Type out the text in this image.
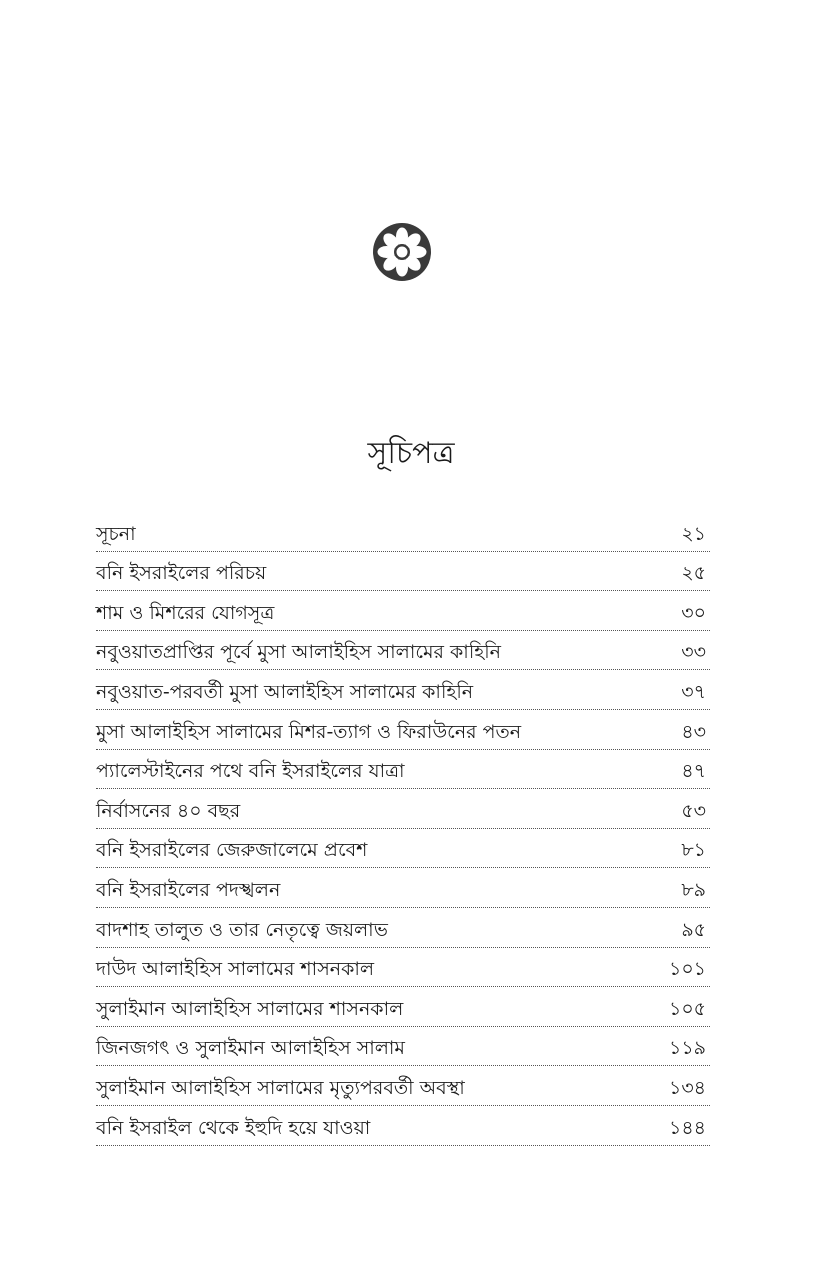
সূচিপত্র
সূচনা	২১
বনি ইসরাইলের পরিচয়	২৫
শাম ও মিশরের যোগসূত্র	৩০
নবুওয়াতপ্রাপ্তির পূর্বে মুসা আলাইহিস সালামের কাহিনি	৩৩
নবুওয়াত-পরবর্তী মুসা আলাইহিস সালামের কাহিনি	৩৭
মুসা আলাইহিস সালামের মিশর-ত্যাগ ও ফিরাউনের পতন	৪৩
প্যালেস্টাইনের পথে বনি ইসরাইলের যাত্রা	৪৭
নির্বাসনের ৪০ বছর	৫৩
বনি ইসরাইলের জেরুজালেমে প্রবেশ	৮১
বনি ইসরাইলের পদস্খলন	৮৯
বাদশাহ তালুত ও তার নেতৃত্বে জয়লাভ	৯৫
দাউদ আলাইহিস সালামের শাসনকাল	১০১
সুলাইমান আলাইহিস সালামের শাসনকাল	১০৫
জিনজগৎ ও সুলাইমান আলাইহিস সালাম	১১৯
সুলাইমান আলাইহিস সালামের মৃত্যুপরবর্তী অবস্থা	১৩৪
বনি ইসরাইল থেকে ইহুদি হয়ে যাওয়া	১৪৪
